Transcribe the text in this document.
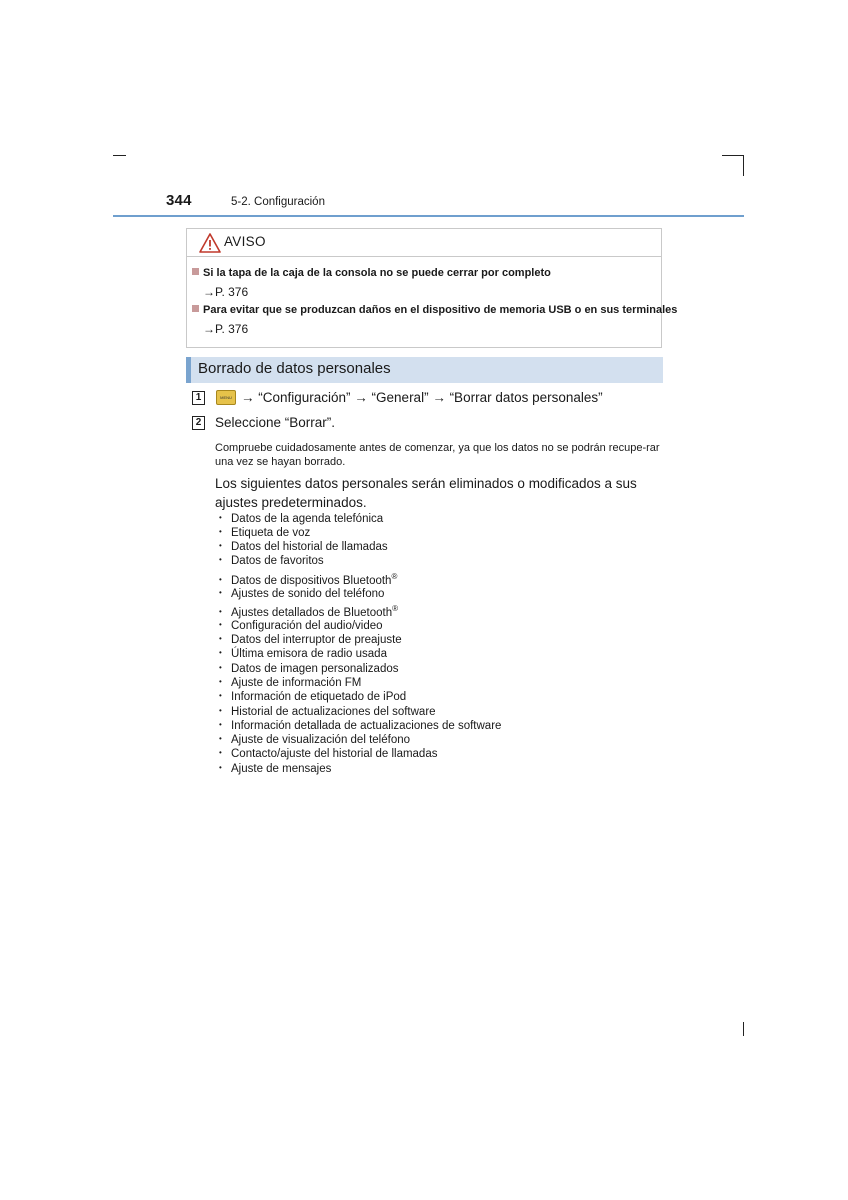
344	5-2. Configuración
AVISO
Si la tapa de la caja de la consola no se puede cerrar por completo
→P. 376
Para evitar que se produzcan daños en el dispositivo de memoria USB o en sus terminales
→P. 376
Borrado de datos personales
1	MENU → “Configuración” → “General” → “Borrar datos personales”
2 Seleccione “Borrar”.
Compruebe cuidadosamente antes de comenzar, ya que los datos no se podrán recupe-rar una vez se hayan borrado.
Los siguientes datos personales serán eliminados o modificados a sus ajustes predeterminados.
• Datos de la agenda telefónica
• Etiqueta de voz
• Datos del historial de llamadas
• Datos de favoritos
• Datos de dispositivos Bluetooth®
• Ajustes de sonido del teléfono
• Ajustes detallados de Bluetooth®
• Configuración del audio/video
• Datos del interruptor de preajuste
• Última emisora de radio usada
• Datos de imagen personalizados
• Ajuste de información FM
• Información de etiquetado de iPod
• Historial de actualizaciones del software
• Información detallada de actualizaciones de software
• Ajuste de visualización del teléfono
• Contacto/ajuste del historial de llamadas
• Ajuste de mensajes
